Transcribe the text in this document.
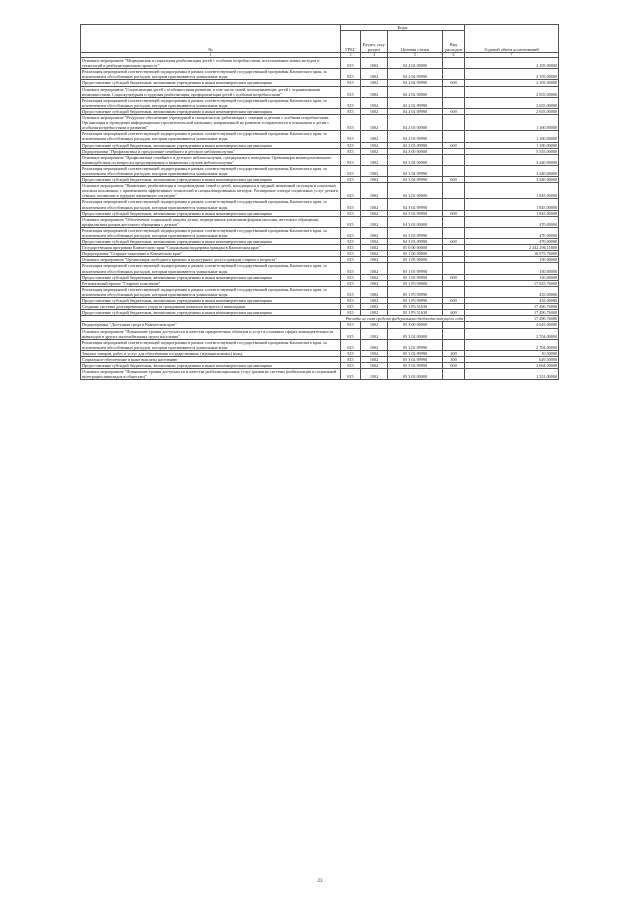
№	Коды				Годовой объем ассигнований
	ГРБС	Раздел, под-раздел	Целевая статья	Вид расходов	
1	3	4	5	6	7
Основное мероприятие "Медицинская и социальная реабилитация детей с особыми потребностями, использование новых методов и технологий в реабилитационном процессе"	815	1002	04 2 04 00000		2 105,00000
Реализация мероприятий соответствующей подпрограммы в рамках соответствующей государственной программы Камчатского края, за исключением обособленных расходов, которым присваиваются уникальные коды	815	1002	04 2 04 09990		2 105,00000
Предоставление субсидий бюджетным, автономным учреждениям и иным некоммерческим организациям	815	1002	04 2 04 09990	600	2 105,00000
Основное мероприятие "Социализация детей с особенностями развития, в том числе семей, воспитывающих детей с ограниченными возможностями. Социокультурная и трудовая реабилитация, профориентация детей с особыми потребностями"	815	1002	04 2 02 00000		2 655,00000
Реализация мероприятий соответствующей подпрограммы в рамках соответствующей государственной программы Камчатского края, за исключением обособленных расходов, которым присваиваются уникальные коды	815	1002	04 2 02 09990		2 655,00000
Предоставление субсидий бюджетным, автономным учреждениям и иным некоммерческим организациям	815	1002	04 2 02 09990	600	2 655,00000
Основное мероприятие "Ресурсное обеспечение учреждений и специалистов, работающих с семьями и детьми с особыми потребностями. Организация и проведение информационно-просветительской кампании, направленной на развитие толерантности в отношении к детям с особыми потребностями в развитии"	815	1002	04 2 03 00000		1 100,00000
Реализация мероприятий соответствующей подпрограммы в рамках соответствующей государственной программы Камчатского края, за исключением обособленных расходов, которым присваиваются уникальные коды	815	1002	04 2 03 09990		1 100,00000
Предоставление субсидий бюджетным, автономным учреждениям и иным некоммерческим организациям	815	1002	04 2 03 09990	600	1 100,00000
Подпрограмма "Профилактика и преодоление семейного и детского неблагополучия"	815	1002	04 3 00 00000		5 555,00000
Основное мероприятие "Профилактика семейного и детского неблагополучия, суицидального поведения. Организация межведомственного взаимодействия по вопросам предотвращения и выявления случаев неблагополучия"	815	1002	04 3 04 00000		3 240,00000
Реализация мероприятий соответствующей подпрограммы в рамках соответствующей государственной программы Камчатского края, за исключением обособленных расходов, которым присваиваются уникальные коды	815	1002	04 3 04 09990		3 240,00000
Предоставление субсидий бюджетным, автономным учреждениям и иным некоммерческим организациям	815	1002	04 3 04 09990	600	3 240,00000
Основное мероприятие "Выявление, реабилитация и сопровождение семей и детей, находящихся в трудной жизненной ситуации и социально опасном положении, с применением эффективных технологий и специализированных методик. Расширение спектра социальных услуг детям и семьям, попавшим в трудную жизненную ситуацию"	815	1002	04 3 02 00000		1 845,00000
Реализация мероприятий соответствующей подпрограммы в рамках соответствующей государственной программы Камчатского края, за исключением обособленных расходов, которым присваиваются уникальные коды	815	1002	04 3 02 09990		1 845,00000
Предоставление субсидий бюджетным, автономным учреждениям и иным некоммерческим организациям	815	1002	04 3 02 09990	600	1 845,00000
Основное мероприятие "Обеспечение социальной защиты детям, подвергшимся различным формам насилия, жестокого обращения, профилактика рисков жестокого обращения с детьми"	815	1002	04 3 03 00000		470,00000
Реализация мероприятий соответствующей подпрограммы в рамках соответствующей государственной программы Камчатского края, за исключением обособленных расходов, которым присваиваются уникальные коды	815	1002	04 3 03 09990		470,00000
Предоставление субсидий бюджетным, автономным учреждениям и иным некоммерческим организациям	815	1002	04 3 03 09990	600	470,00000
Государственная программа Камчатского края "Социальная поддержка граждан в Камчатском крае"	815	1002	05 0 00 00000		2 342 296,11800
Подпрограмма "Старшее поколение в Камчатском крае"	815	1002	05 1 00 00000		18 075,76000
Основное мероприятие "Организация свободного времени и культурного досуга граждан старшего возраста"	815	1002	05 1 05 00000		150,00000
Реализация мероприятий соответствующей подпрограммы в рамках соответствующей государственной программы Камчатского края, за исключением обособленных расходов, которым присваиваются уникальные коды	815	1002	05 1 05 09990		150,00000
Предоставление субсидий бюджетным, автономным учреждениям и иным некоммерческим организациям	815	1002	05 1 05 09990	600	150,00000
Региональный проект "Старшее поколение"	815	1002	05 1 Р3 00000		17 925,76000
Реализация мероприятий соответствующей подпрограммы в рамках соответствующей государственной программы Камчатского края, за исключением обособленных расходов, которым присваиваются уникальные коды	815	1002	05 1 Р3 09990		435,00000
Предоставление субсидий бюджетным, автономным учреждениям и иным некоммерческим организациям	815	1002	05 1 Р3 09990	600	435,00000
Создание системы долговременного ухода за гражданами пожилого возраста и инвалидами	815	1002	05 1 Р3 51630		17 490,76000
Предоставление субсидий бюджетным, автономным учреждениям и иным некоммерческим организациям	815	1002	05 1 Р3 51630	600	17 490,76000
Расходы за счет средств федерального бюджета текущего года					17 490,76000
Подпрограмма "Доступная среда в Камчатском крае"	815	1002	05 3 00 00000		4 645,00000
Основное мероприятие "Повышение уровня доступности и качества приоритетных объектов и услуг в основных сферах жизнедеятельности инвалидов и других маломобильных групп населения"	815	1002	05 3 02 00000		2 704,00000
Реализация мероприятий соответствующей подпрограммы в рамках соответствующей государственной программы Камчатского края, за исключением обособленных расходов, которым присваиваются уникальные коды	815	1002	05 3 02 09990		2 704,00000
Закупка товаров, работ и услуг для обеспечения государственных (муниципальных) нужд	815	1002	05 3 02 09990	200	10,50000
Социальное обеспечение и иные выплаты населению	815	1002	05 3 02 09990	300	629,50000
Предоставление субсидий бюджетным, автономным учреждениям и иным некоммерческим организациям	815	1002	05 3 02 09990	600	2 064,00000
Основное мероприятие "Повышение уровня доступности и качества реабилитационных услуг (развитие системы реабилитации и социальной интеграции инвалидов в общество)"	815	1002	05 3 03 00000		1 331,00000
23
